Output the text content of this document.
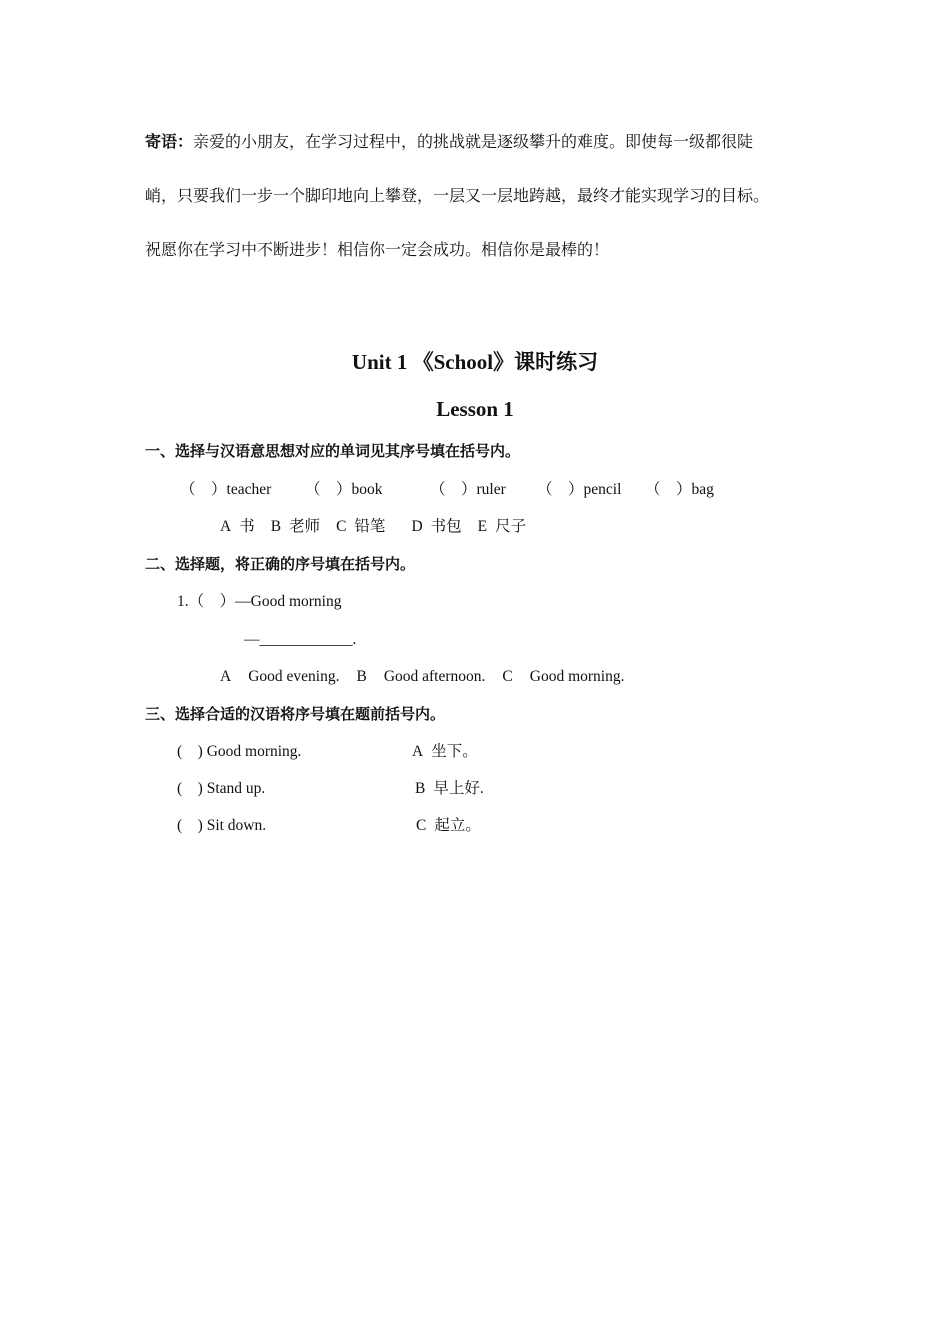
寄语：亲爱的小朋友，在学习过程中，的挑战就是逐级攀升的难度。即使每一级都很陡
峭，只要我们一步一个脚印地向上攀登，一层又一层地跨越，最终才能实现学习的目标。
祝愿你在学习中不断进步！相信你一定会成功。相信你是最棒的！
Unit 1 《School》课时练习
Lesson 1
一、选择与汉语意思想对应的单词见其序号填在括号内。
（    ）teacher （    ）book	（    ）ruler （    ）pencil （    ）bag
A 书 B 老师 C 铅笔 D 书包 E 尺子
二、选择题，将正确的序号填在括号内。
1.（    ）—Good morning
—____________.
A Good evening. B Good afternoon. C Good morning.
三、选择合适的汉语将序号填在题前括号内。
(    ) Good morning.	A 坐下。
(    ) Stand up.	B 早上好.
(    ) Sit down.	C 起立。
